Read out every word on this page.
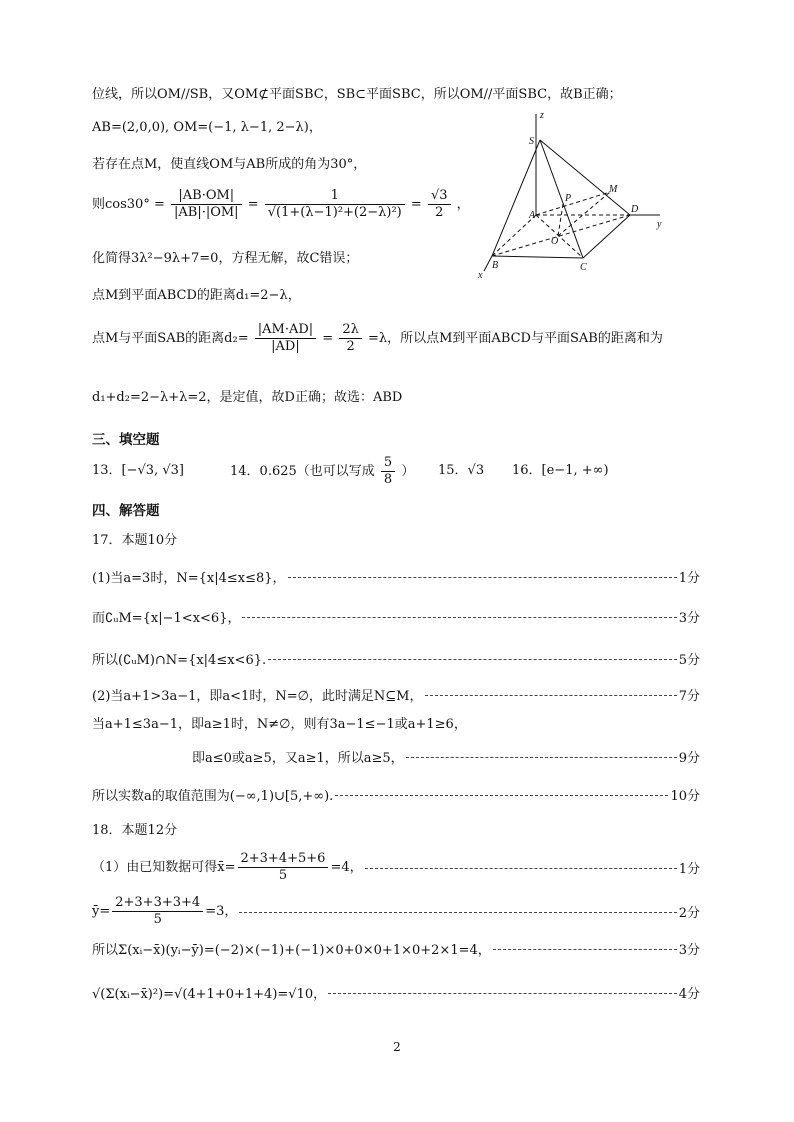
位线，所以OM//SB，又OM⊄平面SBC，SB⊂平面SBC，所以OM//平面SBC，故B正确；
AB=(2,0,0), OM=(−1, λ−1, 2−λ)，
若存在点M，使直线OM与AB所成的角为30°，
则$\cos 30^\circ = \frac{|AB\cdot OM|}{|AB|\cdot|OM|} = \frac{1}{\text{√(1+(λ−1)²+(2−λ)²)}} = \frac{√3}{2}$ ，
化简得3λ²−9λ+7=0，方程无解，故C错误；
点M到平面ABCD的距离d₁=2−λ，
点M与平面SAB的距离$d_2= \frac{|AM\cdot AD|}{|AD|} = \frac{2\lambda}{2} =\lambda$，所以点M到平面ABCD与平面SAB的距离和为
d₁+d₂=2−λ+λ=2，是定值，故D正确；故选：ABD
z
S
P
M
A
D
y
O
B	C
x
三、填空题
13．[−√3, √3]	14．0.625（也可以写成 $\frac{5}{8}$ ） 15．√3 16．[e−1, +∞)
四、解答题
17．本题10分
(1)当a=3时，N={x|4≤x≤8}，	1分
而∁ᵤM={x|−1<x<6}，	3分
所以(∁ᵤM)∩N={x|4≤x<6}.	5分
(2)当a+1>3a−1，即a<1时，N=∅，此时满足N⊆M，	7分
当a+1≤3a−1，即a≥1时，N≠∅，则有3a−1≤−1或a+1≥6，
即a≤0或a≥5，又a≥1，所以a≥5，	9分
所以实数a的取值范围为(−∞,1)∪[5,+∞).	10分
18．本题12分
（1）由已知数据可得x̄= $\frac{2+3+4+5+6}{5} =4$，	1分
ȳ= $\frac{2+3+3+3+4}{5} =3$，	2分
所以Σ(xᵢ−x̄)(yᵢ−ȳ)=(−2)×(−1)+(−1)×0+0×0+1×0+2×1=4，	3分
√(Σ(xᵢ−x̄)²)=√(4+1+0+1+4)=√10，	4分
2
